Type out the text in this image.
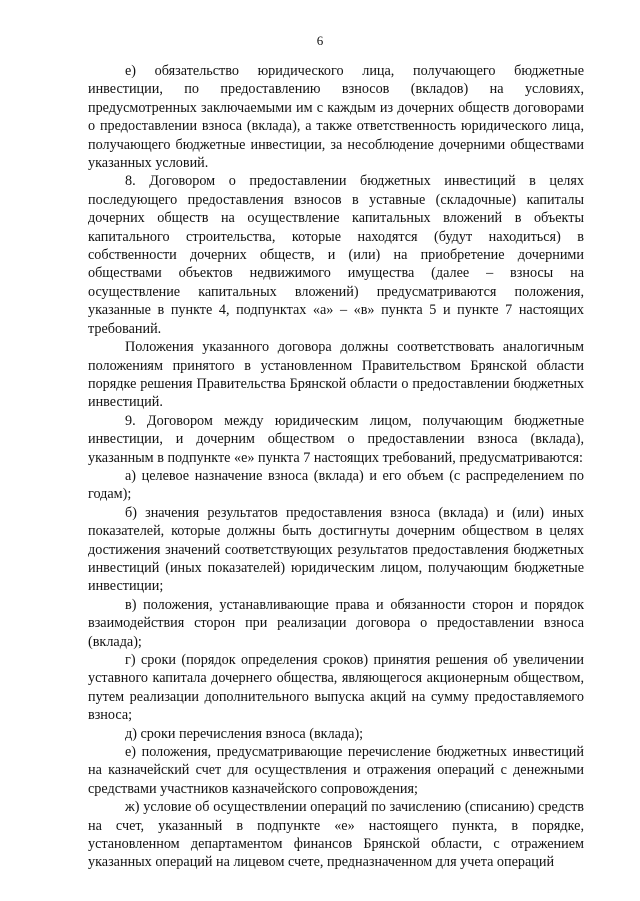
6

е) обязательство юридического лица, получающего бюджетные инвестиции, по предоставлению взносов (вкладов) на условиях, предусмотренных заключаемыми им с каждым из дочерних обществ договорами о предоставлении взноса (вклада), а также ответственность юридического лица, получающего бюджетные инвестиции, за несоблюдение дочерними обществами указанных условий.

8. Договором о предоставлении бюджетных инвестиций в целях последующего предоставления взносов в уставные (складочные) капиталы дочерних обществ на осуществление капитальных вложений в объекты капитального строительства, которые находятся (будут находиться) в собственности дочерних обществ, и (или) на приобретение дочерними обществами объектов недвижимого имущества (далее – взносы на осуществление капитальных вложений) предусматриваются положения, указанные в пункте 4, подпунктах «а» – «в» пункта 5 и пункте 7 настоящих требований.

Положения указанного договора должны соответствовать аналогичным положениям принятого в установленном Правительством Брянской области порядке решения Правительства Брянской области о предоставлении бюджетных инвестиций.

9. Договором между юридическим лицом, получающим бюджетные инвестиции, и дочерним обществом о предоставлении взноса (вклада), указанным в подпункте «е» пункта 7 настоящих требований, предусматриваются:

а) целевое назначение взноса (вклада) и его объем (с распределением по годам);

б) значения результатов предоставления взноса (вклада) и (или) иных показателей, которые должны быть достигнуты дочерним обществом в целях достижения значений соответствующих результатов предоставления бюджетных инвестиций (иных показателей) юридическим лицом, получающим бюджетные инвестиции;

в) положения, устанавливающие права и обязанности сторон и порядок взаимодействия сторон при реализации договора о предоставлении взноса (вклада);

г) сроки (порядок определения сроков) принятия решения об увеличении уставного капитала дочернего общества, являющегося акционерным обществом, путем реализации дополнительного выпуска акций на сумму предоставляемого взноса;

д) сроки перечисления взноса (вклада);

е) положения, предусматривающие перечисление бюджетных инвестиций на казначейский счет для осуществления и отражения операций с денежными средствами участников казначейского сопровождения;

ж) условие об осуществлении операций по зачислению (списанию) средств на счет, указанный в подпункте «е» настоящего пункта, в порядке, установленном департаментом финансов Брянской области, с отражением указанных операций на лицевом счете, предназначенном для учета операций
